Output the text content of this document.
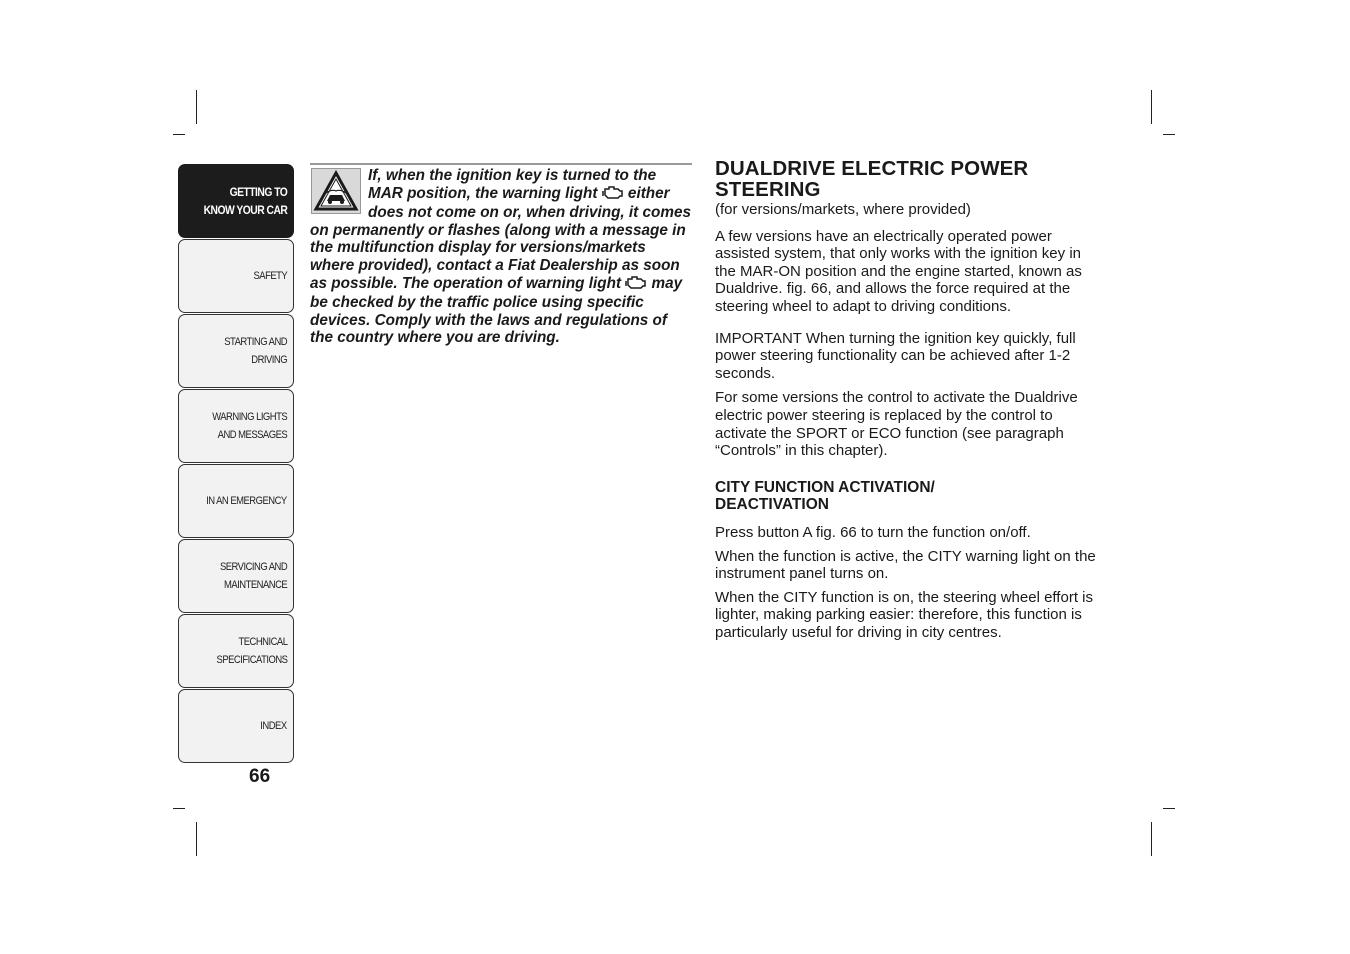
GETTING TO
KNOW YOUR CAR
SAFETY
STARTING AND
DRIVING
WARNING LIGHTS
AND MESSAGES
IN AN EMERGENCY
SERVICING AND
MAINTENANCE
TECHNICAL
SPECIFICATIONS
INDEX
66
If, when the ignition key is turned to the MAR position, the warning light  either does not come on or, when driving, it comes on permanently or flashes (along with a message in the multifunction display for versions/markets where provided), contact a Fiat Dealership as soon as possible. The operation of warning light  may be checked by the traffic police using specific devices. Comply with the laws and regulations of the country where you are driving.
DUALDRIVE ELECTRIC POWER
STEERING

(for versions/markets, where provided)

A few versions have an electrically operated power assisted system, that only works with the ignition key in the MAR-ON position and the engine started, known as Dualdrive. fig. 66, and allows the force required at the steering wheel to adapt to driving conditions.

IMPORTANT When turning the ignition key quickly, full power steering functionality can be achieved after 1-2 seconds.

For some versions the control to activate the Dualdrive electric power steering is replaced by the control to activate the SPORT or ECO function (see paragraph “Controls” in this chapter).

CITY FUNCTION ACTIVATION/
DEACTIVATION

Press button A fig. 66 to turn the function on/off.

When the function is active, the CITY warning light on the instrument panel turns on.

When the CITY function is on, the steering wheel effort is lighter, making parking easier: therefore, this function is particularly useful for driving in city centres.
